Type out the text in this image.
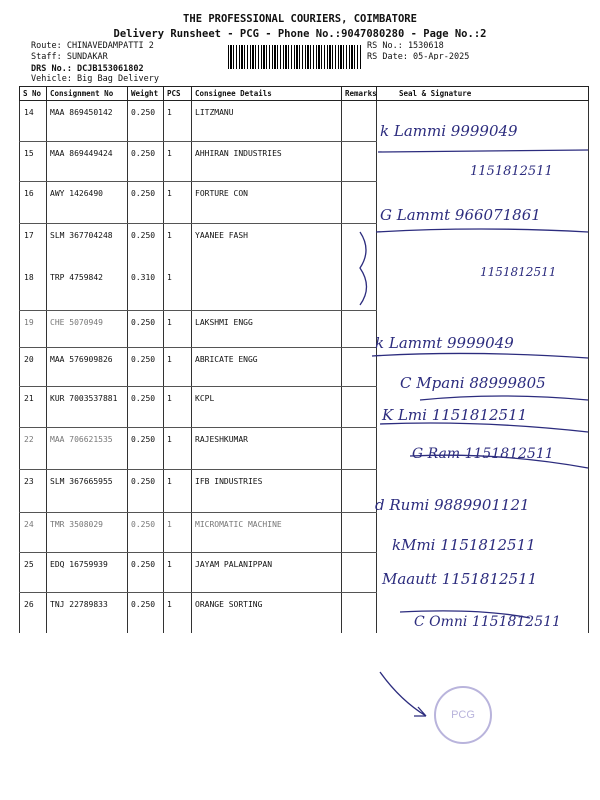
THE PROFESSIONAL COURIERS, COIMBATORE
Delivery Runsheet - PCG - Phone No.:9047080280 - Page No.:2
Route: CHINAVEDAMPATTI 2
Staff: SUNDAKAR
DRS No.: DCJB153061802
Vehicle: Big Bag Delivery
RS No.: 1530618
RS Date: 05-Apr-2025
S No	Consignment No	Weight	PCS	Consignee Details	Remarks	Seal & Signature
14	MAA 869450142	0.250	1	LITZMANU		
15	MAA 869449424	0.250	1	AHHIRAN INDUSTRIES		
16	AWY 1426490	0.250	1	FORTURE CON		
17	SLM 367704248	0.250	1	YAANEE FASH		
18	TRP 4759842	0.310	1			
19	CHE 5070949	0.250	1	LAKSHMI ENGG		
20	MAA 576909826	0.250	1	ABRICATE ENGG		
21	KUR 7003537881	0.250	1	KCPL		
22	MAA 706621535	0.250	1	RAJESHKUMAR		
23	SLM 367665955	0.250	1	IFB INDUSTRIES		
24	TMR 3508029	0.250	1	MICROMATIC MACHINE		
25	EDQ 16759939	0.250	1	JAYAM PALANIPPAN		
26	TNJ 22789833	0.250	1	ORANGE SORTING		
k Lammi 9999049
1151812511
G Lammt 966071861
1151812511
k Lammt 9999049
C Mpani 88999805
K Lmi 1151812511
G Ram 1151812511
d Rumi 9889901121
kMmi 1151812511
Maautt 1151812511
C Omni 1151812511
PCG
